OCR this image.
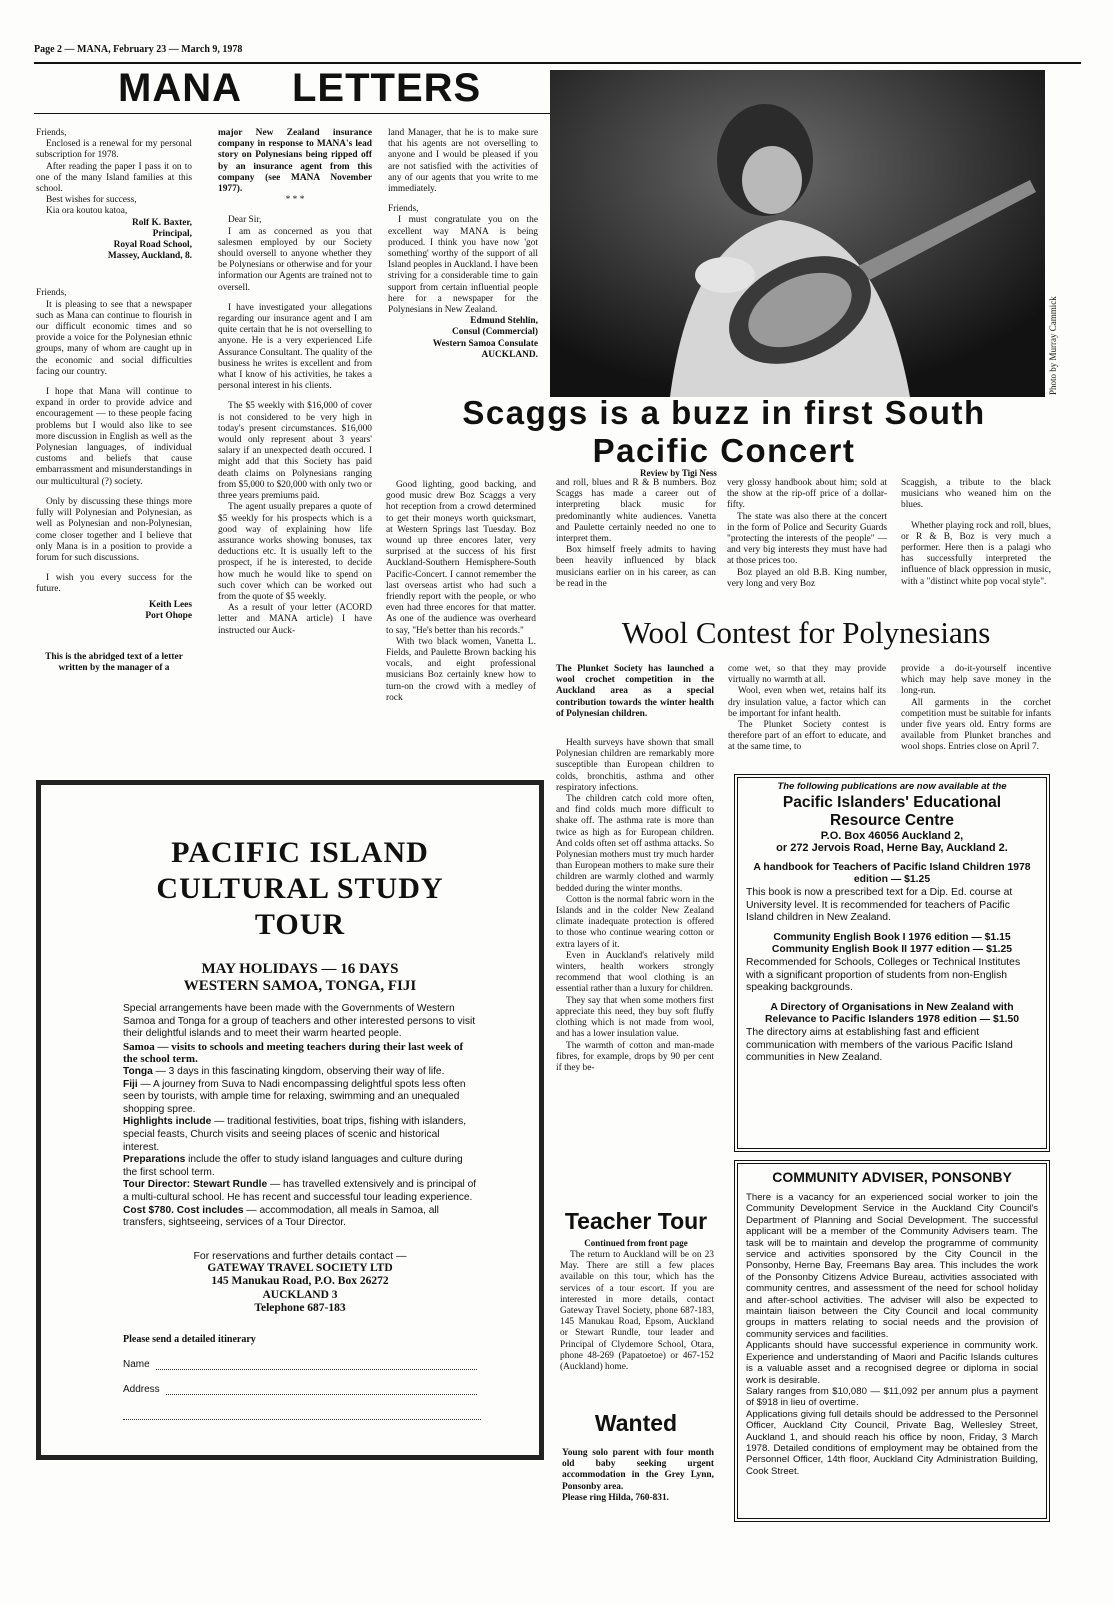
Page 2 — MANA, February 23 — March 9, 1978
MANA LETTERS

Friends,

Enclosed is a renewal for my personal subscription for 1978.

After reading the paper I pass it on to one of the many Island families at this school.

Best wishes for success,

Kia ora koutou katoa,

Rolf K. Baxter,

Principal,

Royal Road School,

Massey, Auckland, 8.

Friends,

It is pleasing to see that a newspaper such as Mana can continue to flourish in our difficult economic times and so provide a voice for the Polynesian ethnic groups, many of whom are caught up in the economic and social difficulties facing our country.

I hope that Mana will continue to expand in order to provide advice and encouragement — to these people facing problems but I would also like to see more discussion in English as well as the Polynesian languages, of individual customs and beliefs that cause embarrassment and misunderstandings in our multicultural (?) society.

Only by discussing these things more fully will Polynesian and Polynesian, as well as Polynesian and non-Polynesian, come closer together and I believe that only Mana is in a position to provide a forum for such discussions.

I wish you every success for the future.

Keith Lees

Port Ohope

This is the abridged text of a letter written by the manager of a

major New Zealand insurance company in response to MANA's lead story on Polynesians being ripped off by an insurance agent from this company (see MANA November 1977).

* * *

Dear Sir,

I am as concerned as you that salesmen employed by our Society should oversell to anyone whether they be Polynesians or otherwise and for your information our Agents are trained not to oversell.

I have investigated your allegations regarding our insurance agent and I am quite certain that he is not overselling to anyone. He is a very experienced Life Assurance Consultant. The quality of the business he writes is excellent and from what I know of his activities, he takes a personal interest in his clients.

The $5 weekly with $16,000 of cover is not considered to be very high in today's present circumstances. $16,000 would only represent about 3 years' salary if an unexpected death occured. I might add that this Society has paid death claims on Polynesians ranging from $5,000 to $20,000 with only two or three years premiums paid.

The agent usually prepares a quote of $5 weekly for his prospects which is a good way of explaining how life assurance works showing bonuses, tax deductions etc. It is usually left to the prospect, if he is interested, to decide how much he would like to spend on such cover which can be worked out from the quote of $5 weekly.

As a result of your letter (ACORD letter and MANA article) I have instructed our Auck-

land Manager, that he is to make sure that his agents are not overselling to anyone and I would be pleased if you are not satisfied with the activities of any of our agents that you write to me immediately.

Friends,

I must congratulate you on the excellent way MANA is being produced. I think you have now 'got something' worthy of the support of all Island peoples in Auckland. I have been striving for a considerable time to gain support from certain influential people here for a newspaper for the Polynesians in New Zealand.

Edmund Stehlin,

Consul (Commercial)

Western Samoa Consulate

AUCKLAND.	Photo by Murray Cammick
Scaggs is a buzz in first South Pacific Concert
Review by Tigi Ness

Good lighting, good backing, and good music drew Boz Scaggs a very hot reception from a crowd determined to get their moneys worth quicksmart, at Western Springs last Tuesday. Boz wound up three encores later, very surprised at the success of his first Auckland-Southern Hemisphere-South Pacific-Concert. I cannot remember the last overseas artist who had such a friendly report with the people, or who even had three encores for that matter. As one of the audience was overheard to say, "He's better than his records."

With two black women, Vanetta L. Fields, and Paulette Brown backing his vocals, and eight professional musicians Boz certainly knew how to turn-on the crowd with a medley of rock

and roll, blues and R & B numbers. Boz Scaggs has made a career out of interpreting black music for predominantly white audiences. Vanetta and Paulette certainly needed no one to interpret them.

Box himself freely admits to having been heavily influenced by black musicians earlier on in his career, as can be read in the

very glossy handbook about him; sold at the show at the rip-off price of a dollar-fifty.

The state was also there at the concert in the form of Police and Security Guards "protecting the interests of the people" — and very big interests they must have had at those prices too.

Boz played an old B.B. King number, very long and very Boz

Scaggish, a tribute to the black musicians who weaned him on the blues.

Whether playing rock and roll, blues, or R & B, Boz is very much a performer. Here then is a palagi who has successfully interpreted the influence of black oppression in music, with a "distinct white pop vocal style".

Wool Contest for Polynesians

The Plunket Society has launched a wool crochet competition in the Auckland area as a special contribution towards the winter health of Polynesian children.

Health surveys have shown that small Polynesian children are remarkably more susceptible than European children to colds, bronchitis, asthma and other respiratory infections.

The children catch cold more often, and find colds much more difficult to shake off. The asthma rate is more than twice as high as for European children. And colds often set off asthma attacks. So Polynesian mothers must try much harder than European mothers to make sure their children are warmly clothed and warmly bedded during the winter months.

Cotton is the normal fabric worn in the Islands and in the colder New Zealand climate inadequate protection is offered to those who continue wearing cotton or extra layers of it.

Even in Auckland's relatively mild winters, health workers strongly recommend that wool clothing is an essential rather than a luxury for children.

They say that when some mothers first appreciate this need, they buy soft fluffy clothing which is not made from wool, and has a lower insulation value.

The warmth of cotton and man-made fibres, for example, drops by 90 per cent if they be-

come wet, so that they may provide virtually no warmth at all.

Wool, even when wet, retains half its dry insulation value, a factor which can be important for infant health.

The Plunket Society contest is therefore part of an effort to educate, and at the same time, to

provide a do-it-yourself incentive which may help save money in the long-run.

All garments in the corchet competition must be suitable for infants under five years old. Entry forms are available from Plunket branches and wool shops. Entries close on April 7.

PACIFIC ISLAND CULTURAL STUDY TOUR
MAY HOLIDAYS — 16 DAYS
WESTERN SAMOA, TONGA, FIJI
Special arrangements have been made with the Governments of Western Samoa and Tonga for a group of teachers and other interested persons to visit their delightful islands and to meet their warm hearted people.
Samoa — visits to schools and meeting teachers during their last week of the school term.
Tonga — 3 days in this fascinating kingdom, observing their way of life.
Fiji — A journey from Suva to Nadi encompassing delightful spots less often seen by tourists, with ample time for relaxing, swimming and an unequaled shopping spree.
Highlights include — traditional festivities, boat trips, fishing with islanders, special feasts, Church visits and seeing places of scenic and historical interest.
Preparations include the offer to study island languages and culture during the first school term.
Tour Director: Stewart Rundle — has travelled extensively and is principal of a multi-cultural school. He has recent and successful tour leading experience.
Cost $780. Cost includes — accommodation, all meals in Samoa, all transfers, sightseeing, services of a Tour Director.
For reservations and further details contact —
GATEWAY TRAVEL SOCIETY LTD
145 Manukau Road, P.O. Box 26272
AUCKLAND 3
Telephone 687-183
Please send a detailed itinerary
Name
Address
Teacher Tour
Continued from front page

The return to Auckland will be on 23 May. There are still a few places available on this tour, which has the services of a tour escort. If you are interested in more details, contact Gateway Travel Society, phone 687-183, 145 Manukau Road, Epsom, Auckland or Stewart Rundle, tour leader and Principal of Clydemore School, Otara, phone 48-269 (Papatoetoe) or 467-152 (Auckland) home.

Wanted

Young solo parent with four month old baby seeking urgent accommodation in the Grey Lynn, Ponsonby area.

Please ring Hilda, 760-831.

The following publications are now available at the
Pacific Islanders' Educational Resource Centre
P.O. Box 46056 Auckland 2,
or 272 Jervois Road, Herne Bay, Auckland 2.
A handbook for Teachers of Pacific Island Children 1978 edition — $1.25
This book is now a prescribed text for a Dip. Ed. course at University level. It is recommended for teachers of Pacific Island children in New Zealand.
Community English Book I 1976 edition — $1.15
Community English Book II 1977 edition — $1.25
Recommended for Schools, Colleges or Technical Institutes with a significant proportion of students from non-English speaking backgrounds.
A Directory of Organisations in New Zealand with Relevance to Pacific Islanders 1978 edition — $1.50
The directory aims at establishing fast and efficient communication with members of the various Pacific Island communities in New Zealand.
COMMUNITY ADVISER, PONSONBY
There is a vacancy for an experienced social worker to join the Community Development Service in the Auckland City Council's Department of Planning and Social Development. The successful applicant will be a member of the Community Advisers team. The task will be to maintain and develop the programme of community service and activities sponsored by the City Council in the Ponsonby, Herne Bay, Freemans Bay area. This includes the work of the Ponsonby Citizens Advice Bureau, activities associated with community centres, and assessment of the need for school holiday and after-school activities. The adviser will also be expected to maintain liaison between the City Council and local community groups in matters relating to social needs and the provision of community services and facilities.
Applicants should have successful experience in community work. Experience and understanding of Maori and Pacific Islands cultures is a valuable asset and a recognised degree or diploma in social work is desirable.
Salary ranges from $10,080 — $11,092 per annum plus a payment of $918 in lieu of overtime.
Applications giving full details should be addressed to the Personnel Officer, Auckland City Council, Private Bag, Wellesley Street, Auckland 1, and should reach his office by noon, Friday, 3 March 1978. Detailed conditions of employment may be obtained from the Personnel Officer, 14th floor, Auckland City Administration Building, Cook Street.
